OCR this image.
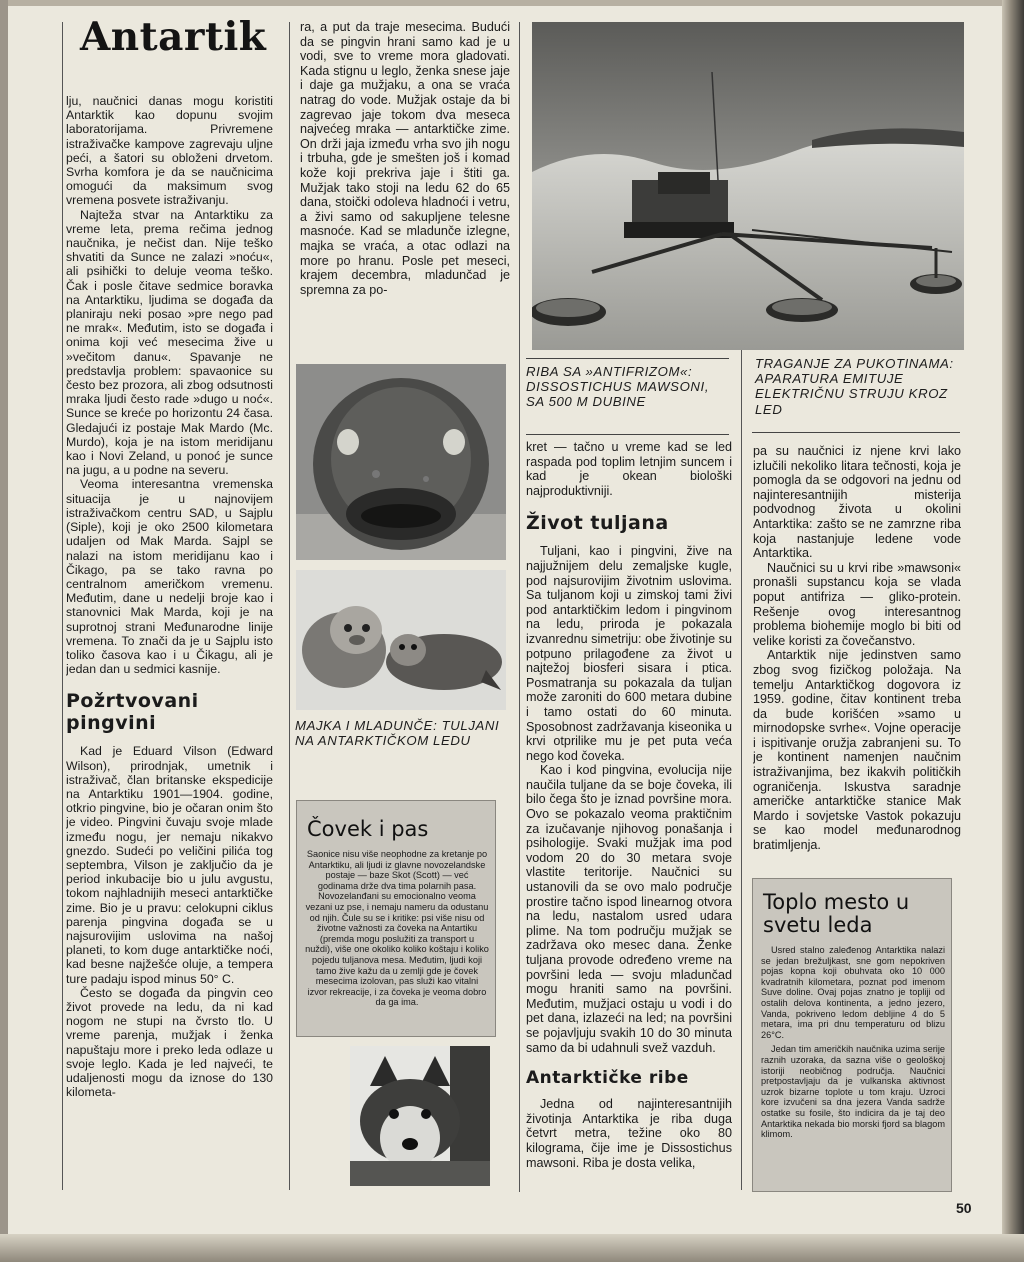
Antartik

lju, naučnici danas mogu koristiti Antarktik kao dopunu svojim laboratorijama. Privremene istraživačke kampove zagrevaju uljne peći, a šatori su obloženi drvetom. Svrha komfora je da se naučnicima omogući da maksimum svog vremena posvete istraživanju.

Najteža stvar na Antarktiku za vreme leta, prema rečima jednog naučnika, je nečist dan. Nije teško shvatiti da Sunce ne zalazi »noću«, ali psihički to deluje veoma teško. Čak i posle čitave sedmice boravka na Antarktiku, ljudima se događa da planiraju neki posao »pre nego pad ne mrak«. Međutim, isto se događa i onima koji već mesecima žive u »večitom danu«. Spavanje ne predstavlja problem: spavaonice su često bez prozora, ali zbog odsutnosti mraka ljudi često rade »dugo u noć«. Sunce se kreće po horizontu 24 časa. Gledajući iz postaje Mak Mardo (Mc. Murdo), koja je na istom meridijanu kao i Novi Zeland, u ponoć je sunce na jugu, a u podne na severu.

Veoma interesantna vremenska situacija je u najnovijem istraživačkom centru SAD, u Sajplu (Siple), koji je oko 2500 kilometara udaljen od Mak Marda. Sajpl se nalazi na istom meridijanu kao i Čikago, pa se tako ravna po centralnom američkom vremenu. Međutim, dane u nedelji broje kao i stanovnici Mak Marda, koji je na suprotnoj strani Međunarodne linije vremena. To znači da je u Sajplu isto toliko časova kao i u Čikagu, ali je jedan dan u sedmici kasnije.

Požrtvovani pingvini

Kad je Eduard Vilson (Edward Wilson), prirodnjak, umetnik i istraživač, član britanske ekspedicije na Antarktiku 1901—1904. godine, otkrio pingvine, bio je očaran onim što je video. Pingvini čuvaju svoje mlade između nogu, jer nemaju nikakvo gnezdo. Sudeći po veličini pilića tog septembra, Vilson je zaključio da je period inkubacije bio u julu avgustu, tokom najhladnijih meseci antarktičke zime. Bio je u pravu: celokupni ciklus parenja pingvina događa se u najsurovijim uslovima na našoj planeti, to kom duge antarktičke noći, kad besne najžešće oluje, a tempera ture padaju ispod minus 50° C.

Često se događa da pingvin ceo život provede na ledu, da ni kad nogom ne stupi na čvrsto tlo. U vreme parenja, mužjak i ženka napuštaju more i preko leda odlaze u svoje leglo. Kada je led najveći, te udaljenosti mogu da iznose do 130 kilometa-

ra, a put da traje mesecima. Budući da se pingvin hrani samo kad je u vodi, sve to vreme mora gladovati. Kada stignu u leglo, ženka snese jaje i daje ga mužjaku, a ona se vraća natrag do vode. Mužjak ostaje da bi zagrevao jaje tokom dva meseca najvećeg mraka — antarktičke zime. On drži jaja između vrha svo jih nogu i trbuha, gde je smešten još i komad kože koji prekriva jaje i štiti ga. Mužjak tako stoji na ledu 62 do 65 dana, stoički odoleva hladnoći i vetru, a živi samo od sakupljene telesne masnoće. Kad se mladunče izlegne, majka se vraća, a otac odlazi na more po hranu. Posle pet meseci, krajem decembra, mladunčad je spremna za po-

MAJKA I MLADUNČE: TULJANI NA ANTARKTIČKOM LEDU
Čovek i pas
Saonice nisu više neophodne za kretanje po Antarktiku, ali ljudi iz glavne novozelandske postaje — baze Skot (Scott) — već godinama drže dva tima polarnih pasa. Novozelanđani su emocionalno veoma vezani uz pse, i nemaju nameru da odustanu od njih. Čule su se i kritike: psi više nisu od životne važnosti za čoveka na Antartiku (premda mogu poslužiti za transport u nuždi), više one okoliko koliko koštaju i koliko pojedu tuljanova mesa. Međutim, ljudi koji tamo žive kažu da u zemlji gde je čovek mesecima izolovan, pas služi kao vitalni izvor rekreacije, i za čoveka je veoma dobro da ga ima.
RIBA SA »ANTIFRIZOM«: DISSOSTICHUS MAWSONI, SA 500 M DUBINE

kret — tačno u vreme kad se led raspada pod toplim letnjim suncem i kad je okean biološki najproduktivniji.

Život tuljana

Tuljani, kao i pingvini, žive na najjužnijem delu zemaljske kugle, pod najsurovijim životnim uslovima. Sa tuljanom koji u zimskoj tami živi pod antarktičkim ledom i pingvinom na ledu, priroda je pokazala izvanrednu simetriju: obe životinje su potpuno prilagođene za život u najtežoj biosferi sisara i ptica. Posmatranja su pokazala da tuljan može zaroniti do 600 metara dubine i tamo ostati do 60 minuta. Sposobnost zadržavanja kiseonika u krvi otprilike mu je pet puta veća nego kod čoveka.

Kao i kod pingvina, evolucija nije naučila tuljane da se boje čoveka, ili bilo čega što je iznad površine mora. Ovo se pokazalo veoma praktičnim za izučavanje njihovog ponašanja i psihologije. Svaki mužjak ima pod vodom 20 do 30 metara svoje vlastite teritorije. Naučnici su ustanovili da se ovo malo područje prostire tačno ispod linearnog otvora na ledu, nastalom usred udara plime. Na tom području mužjak se zadržava oko mesec dana. Ženke tuljana provode određeno vreme na površini leda — svoju mladunčad mogu hraniti samo na površini. Međutim, mužjaci ostaju u vodi i do pet dana, izlazeći na led; na površini se pojavljuju svakih 10 do 30 minuta samo da bi udahnuli svež vazduh.

Antarktičke ribe

Jedna od najinteresantnijih životinja Antarktika je riba duga četvrt metra, težine oko 80 kilograma, čije ime je Dissostichus mawsoni. Riba je dosta velika,

TRAGANJE ZA PUKOTINAMA: APARATURA EMITUJE ELEKTRIČNU STRUJU KROZ LED

pa su naučnici iz njene krvi lako izlučili nekoliko litara tečnosti, koja je pomogla da se odgovori na jednu od najinteresantnijih misterija podvodnog života u okolini Antarktika: zašto se ne zamrzne riba koja nastanjuje ledene vode Antarktika.

Naučnici su u krvi ribe »mawsoni« pronašli supstancu koja se vlada poput antifriza — gliko-protein. Rešenje ovog interesantnog problema biohemije moglo bi biti od velike koristi za čovečanstvo.

Antarktik nije jedinstven samo zbog svog fizičkog položaja. Na temelju Antarktičkog dogovora iz 1959. godine, čitav kontinent treba da bude korišćen »samo u mirnodopske svrhe«. Vojne operacije i ispitivanje oružja zabranjeni su. To je kontinent namenjen naučnim istraživanjima, bez ikakvih političkih ograničenja. Iskustva saradnje američke antarktičke stanice Mak Mardo i sovjetske Vastok pokazuju se kao model međunarodnog bratimljenja.

Toplo mesto u svetu leda
Usred stalno zaleđenog Antarktika nalazi se jedan brežuljkast, sne gom nepokriven pojas kopna koji obuhvata oko 10 000 kvadratnih kilometara, poznat pod imenom Suve doline. Ovaj pojas znatno je topliji od ostalih delova kontinenta, a jedno jezero, Vanda, pokriveno ledom debljine 4 do 5 metara, ima pri dnu temperaturu od blizu 26°C.
Jedan tim američkih naučnika uzima serije raznih uzoraka, da sazna više o geološkoj istoriji neobičnog područja. Naučnici pretpostavljaju da je vulkanska aktivnost uzrok bizarne toplote u tom kraju. Uzroci kore izvučeni sa dna jezera Vanda sadrže ostatke su fosile, što indicira da je taj deo Antarktika nekada bio morski fjord sa blagom klimom.
50
